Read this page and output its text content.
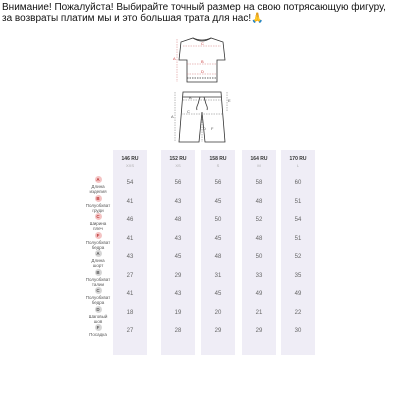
Внимание! Пожалуйста! Выбирайте точный размер на свою потрясающую фигуру, за возвраты платим мы и это большая трата для нас!🙏
A
B
C
D
A
B
C
D
E
F
146 RU
XXS
152 RU
XS
158 RU
S
164 RU
M
170 RU
L
A
Длина
изделия
54	56	56	58	60
B
Полуобхват
груди
41	43	45	48	51
C
Ширина
плеч
46	48	50	52	54
F
Полуобхват
бедра
41	43	45	48	51
A
Длина
шорт
43	45	48	50	52
B
Полуобхват
талии
27	29	31	33	35
C
Полуобхват
бедра
41	43	45	49	49
D
Шаговый
шов
18	19	20	21	22
F
Посадка
27	28	29	29	30
